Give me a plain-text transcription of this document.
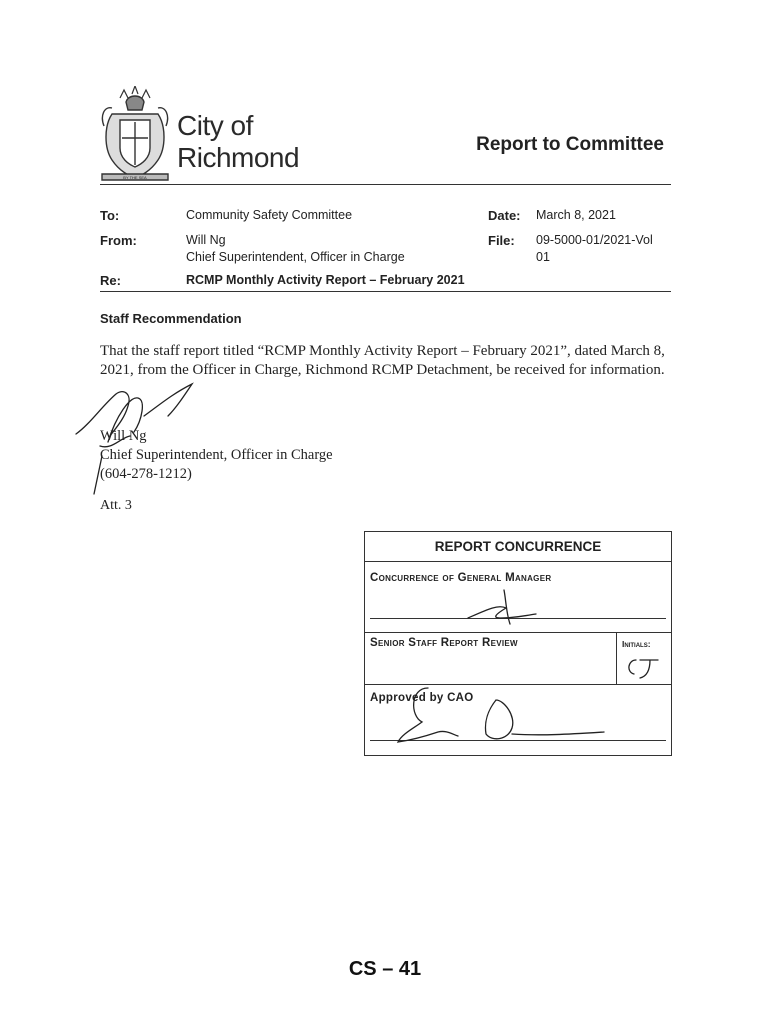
BY THE SEA
City of
Richmond	Report to Committee
To:	Community Safety Committee	Date: March 8, 2021
From:	Will Ng
Chief Superintendent, Officer in Charge
File: 09-5000-01/2021-Vol
01
Re:	RCMP Monthly Activity Report – February 2021
Staff Recommendation
That the staff report titled “RCMP Monthly Activity Report – February 2021”, dated March 8, 2021, from the Officer in Charge, Richmond RCMP Detachment, be received for information.
Will Ng
Chief Superintendent, Officer in Charge
(604-278-1212)
Att. 3
REPORT CONCURRENCE
Concurrence of General Manager
Senior Staff Report Review	Initials:
Approved by CAO
CS – 41
